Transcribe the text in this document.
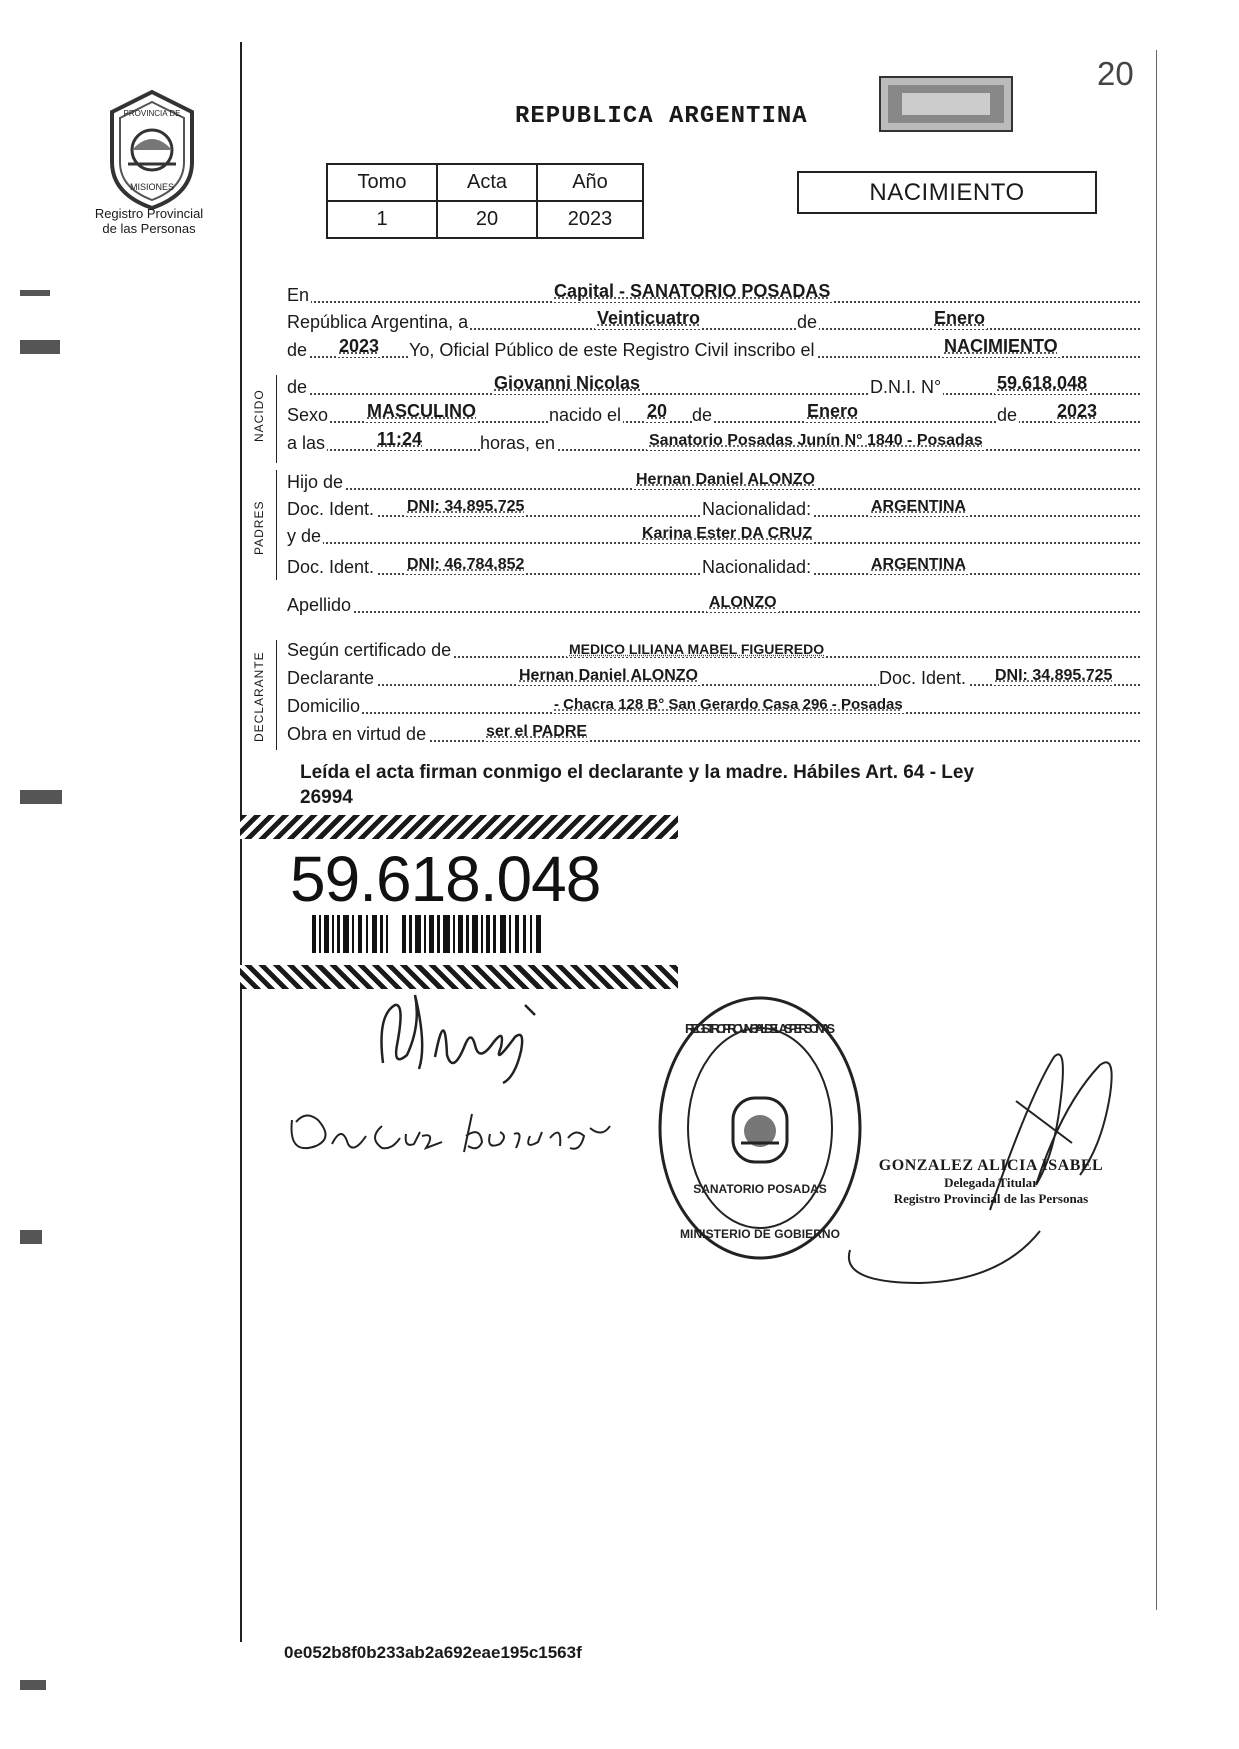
PROVINCIA DE
MISIONES
Registro Provincial
de las Personas
20
REPUBLICA ARGENTINA
Tomo	Acta	Año
1	20	2023
NACIMIENTO
NACIDO
PADRES
DECLARANTE
En	Capital - SANATORIO POSADAS
República Argentina, a	Veinticuatro	de	Enero
de 2023 Yo, Oficial Público de este Registro Civil inscribo el	NACIMIENTO
de	Giovanni Nicolas	D.N.I. N°	59.618.048
Sexo MASCULINO	nacido el 20 de	Enero	de 2023
a las	11:24	horas, en	Sanatorio Posadas Junín N° 1840 - Posadas
Hijo de	Hernan Daniel ALONZO
Doc. Ident. DNI: 34.895.725	Nacionalidad:	ARGENTINA
y de	Karina Ester DA CRUZ
Doc. Ident. DNI: 46.784.852	Nacionalidad:	ARGENTINA
Apellido	ALONZO
Según certificado de	MEDICO LILIANA MABEL FIGUEREDO
Declarante	Hernan Daniel ALONZO	Doc. Ident. DNI: 34.895.725
Domicilio	- Chacra 128 B° San Gerardo Casa 296 - Posadas
Obra en virtud de	ser el PADRE
Leída el acta firman conmigo el declarante y la madre. Hábiles Art. 64 - Ley
26994
59.618.048
REGISTRO PROVINCIAL DE LAS PERSONAS
SANATORIO POSADAS
MINISTERIO DE GOBIERNO
GONZALEZ ALICIA ISABEL
Delegada Titular
Registro Provincial de las Personas
0e052b8f0b233ab2a692eae195c1563f
